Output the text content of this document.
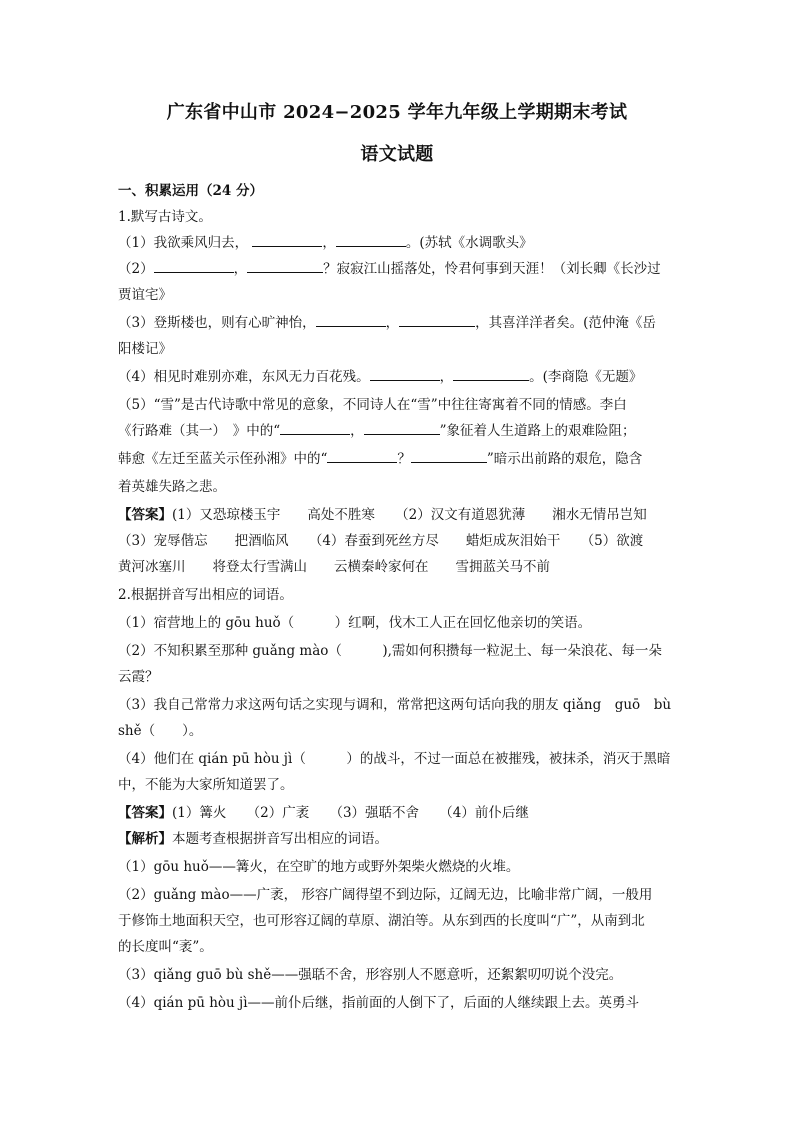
广东省中山市 2024−2025 学年九年级上学期期末考试
语文试题
一、积累运用（24 分）
1.默写古诗文。
（1）我欲乘风归去，	，	。(苏轼《水调歌头》
（2）	，	？寂寂江山摇落处，怜君何事到天涯！（刘长卿《长沙过
贾谊宅》
（3）登斯楼也，则有心旷神怡，	，	，其喜洋洋者矣。(范仲淹《岳
阳楼记》
（4）相见时难别亦难，东风无力百花残。	，	。(李商隐《无题》
（5）“雪”是古代诗歌中常见的意象，不同诗人在“雪”中往往寄寓着不同的情感。李白
《行路难（其一）　》中的“	，	”象征着人生道路上的艰难险阻；
韩愈《左迁至蓝关示侄孙湘》中的“	？	”暗示出前路的艰危，隐含
着英雄失路之悲。
【答案】(1）又恐琼楼玉宇　　高处不胜寒　　（2）汉文有道恩犹薄　　湘水无情吊岂知
（3）宠辱偕忘　　把酒临风　　（4）春蚕到死丝方尽　　蜡炬成灰泪始干　　（5）欲渡
黄河冰塞川　　将登太行雪满山　　云横秦岭家何在　　雪拥蓝关马不前
2.根据拼音写出相应的词语。
（1）宿营地上的 gōu huǒ（　　　）红啊，伐木工人正在回忆他亲切的笑语。
（2）不知积累至那种 guǎng mào（　　　),需如何积攒每一粒泥土、每一朵浪花、每一朵
云霞？
（3）我自己常常力求这两句话之实现与调和，常常把这两句话向我的朋友 qiǎng　guō　bù
shě（　　）。
（4）他们在 qián pū hòu jì（　　　）的战斗，不过一面总在被摧残，被抹杀，消灭于黑暗
中，不能为大家所知道罢了。
【答案】(1）篝火　　（2）广袤　　（3）强聒不舍　　（4）前仆后继
【解析】本题考查根据拼音写出相应的词语。
（1）gōu huǒ——篝火，在空旷的地方或野外架柴火燃烧的火堆。
（2）guǎng mào——广袤， 形容广阔得望不到边际，辽阔无边，比喻非常广阔，一般用
于修饰土地面积天空，也可形容辽阔的草原、湖泊等。从东到西的长度叫“广”，从南到北
的长度叫“袤”。
（3）qiǎng guō bù shě——强聒不舍，形容别人不愿意听，还絮絮叨叨说个没完。
（4）qián pū hòu jì——前仆后继，指前面的人倒下了，后面的人继续跟上去。英勇斗
